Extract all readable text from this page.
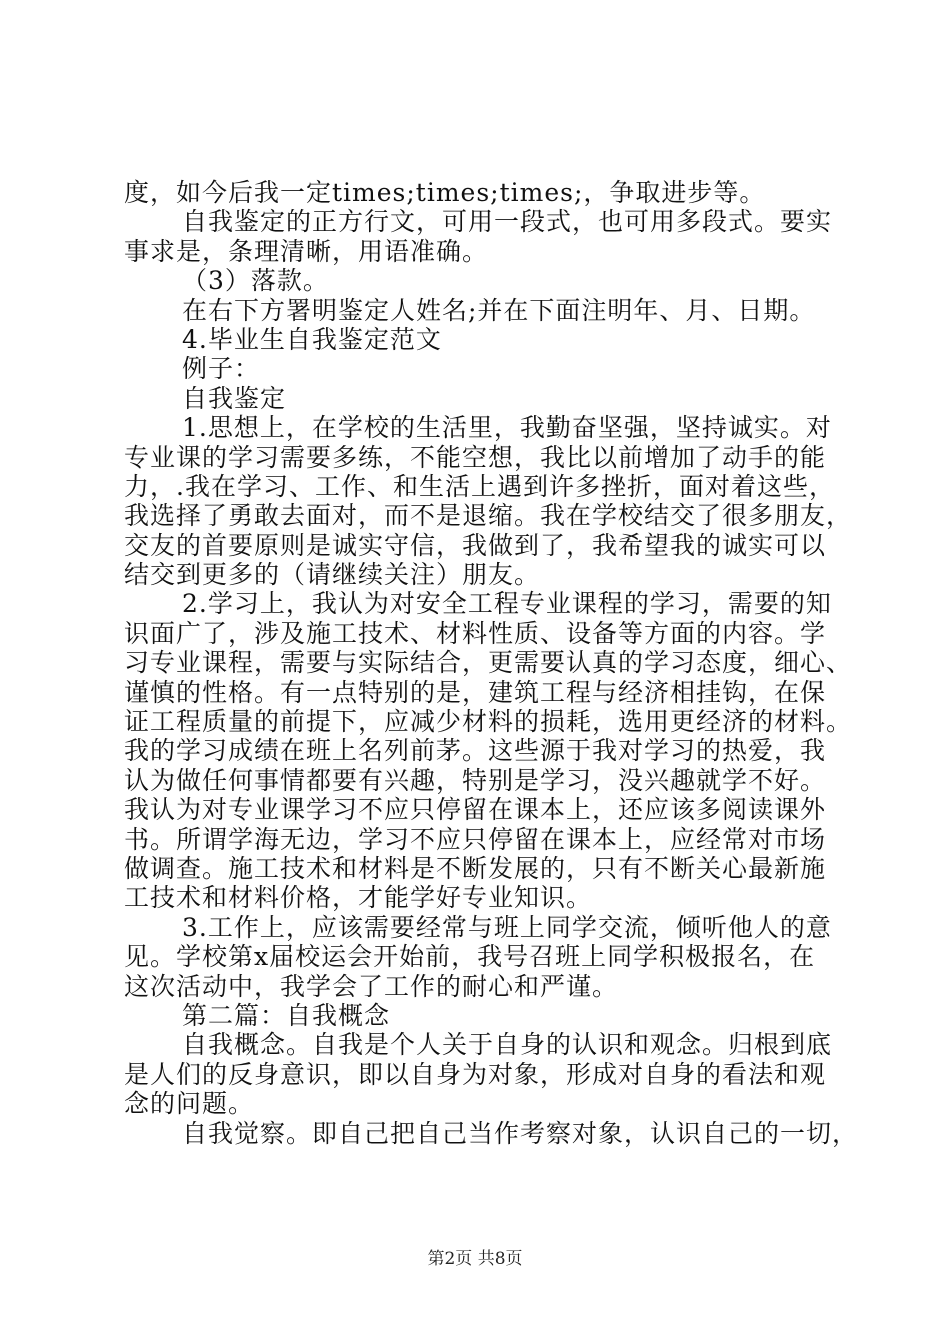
度，如今后我一定times;times;times;，争取进步等。
自我鉴定的正方行文，可用一段式，也可用多段式。要实
事求是，条理清晰，用语准确。
（3）落款。
在右下方署明鉴定人姓名;并在下面注明年、月、日期。
4.毕业生自我鉴定范文
例子：
自我鉴定
1.思想上，在学校的生活里，我勤奋坚强，坚持诚实。对
专业课的学习需要多练，不能空想，我比以前增加了动手的能
力，.我在学习、工作、和生活上遇到许多挫折，面对着这些，
我选择了勇敢去面对，而不是退缩。我在学校结交了很多朋友，
交友的首要原则是诚实守信，我做到了，我希望我的诚实可以
结交到更多的（请继续关注）朋友。
2.学习上，我认为对安全工程专业课程的学习，需要的知
识面广了，涉及施工技术、材料性质、设备等方面的内容。学
习专业课程，需要与实际结合，更需要认真的学习态度，细心、
谨慎的性格。有一点特别的是，建筑工程与经济相挂钩，在保
证工程质量的前提下，应减少材料的损耗，选用更经济的材料。
我的学习成绩在班上名列前茅。这些源于我对学习的热爱，我
认为做任何事情都要有兴趣，特别是学习，没兴趣就学不好。
我认为对专业课学习不应只停留在课本上，还应该多阅读课外
书。所谓学海无边，学习不应只停留在课本上，应经常对市场
做调查。施工技术和材料是不断发展的，只有不断关心最新施
工技术和材料价格，才能学好专业知识。
3.工作上，应该需要经常与班上同学交流，倾听他人的意
见。学校第x届校运会开始前，我号召班上同学积极报名，在
这次活动中，我学会了工作的耐心和严谨。
第二篇：自我概念
自我概念。自我是个人关于自身的认识和观念。归根到底
是人们的反身意识，即以自身为对象，形成对自身的看法和观
念的问题。
自我觉察。即自己把自己当作考察对象，认识自己的一切，
第2页 共8页
